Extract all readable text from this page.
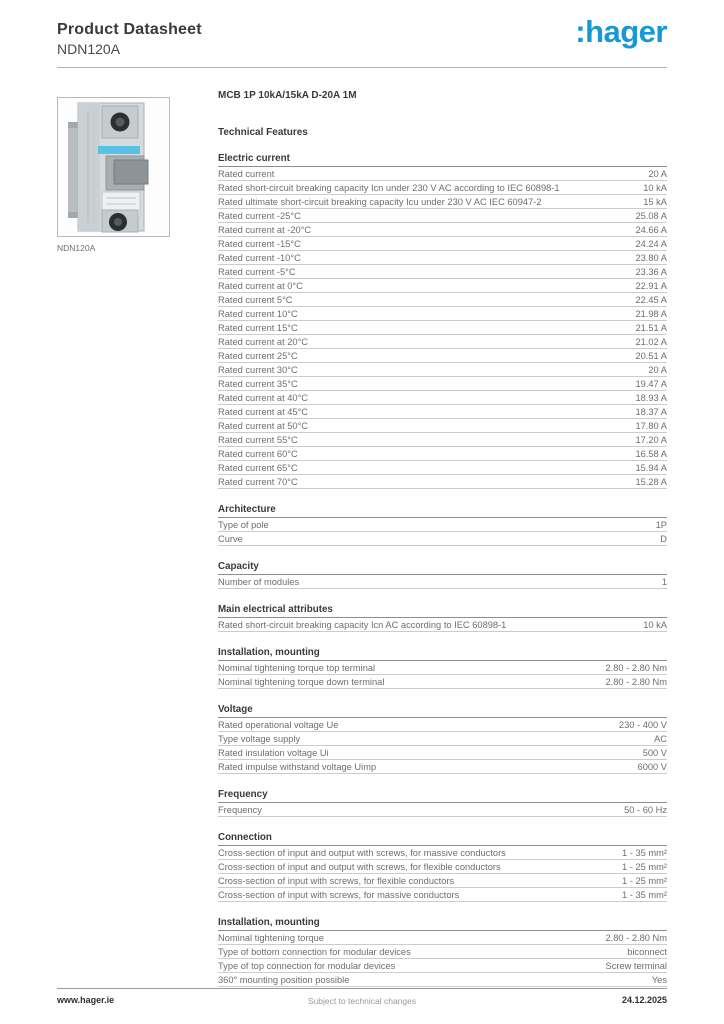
Product Datasheet
NDN120A	:hager
NDN120A
MCB 1P 10kA/15kA D-20A 1M
Technical Features
Electric current
Rated current	20 A
Rated short-circuit breaking capacity Icn under 230 V AC according to IEC 60898-1	10 kA
Rated ultimate short-circuit breaking capacity Icu under 230 V AC IEC 60947-2	15 kA
Rated current -25°C	25.08 A
Rated current at -20°C	24.66 A
Rated current -15°C	24.24 A
Rated current -10°C	23.80 A
Rated current -5°C	23.36 A
Rated current at 0°C	22.91 A
Rated current 5°C	22.45 A
Rated current 10°C	21.98 A
Rated current 15°C	21.51 A
Rated current at 20°C	21.02 A
Rated current 25°C	20.51 A
Rated current 30°C	20 A
Rated current 35°C	19.47 A
Rated current at 40°C	18.93 A
Rated current at 45°C	18.37 A
Rated current at 50°C	17.80 A
Rated current 55°C	17.20 A
Rated current 60°C	16.58 A
Rated current 65°C	15.94 A
Rated current 70°C	15.28 A
Architecture
Type of pole	1P
Curve	D
Capacity
Number of modules	1
Main electrical attributes
Rated short-circuit breaking capacity Icn AC according to IEC 60898-1	10 kA
Installation, mounting
Nominal tightening torque top terminal	2.80 - 2.80 Nm
Nominal tightening torque down terminal	2.80 - 2.80 Nm
Voltage
Rated operational voltage Ue	230 - 400 V
Type voltage supply	AC
Rated insulation voltage Ui	500 V
Rated impulse withstand voltage Uimp	6000 V
Frequency
Frequency	50 - 60 Hz
Connection
Cross-section of input and output with screws, for massive conductors	1 - 35 mm²
Cross-section of input and output with screws, for flexible conductors	1 - 25 mm²
Cross-section of input with screws, for flexible conductors	1 - 25 mm²
Cross-section of input with screws, for massive conductors	1 - 35 mm²
Installation, mounting
Nominal tightening torque	2.80 - 2.80 Nm
Type of bottom connection for modular devices	biconnect
Type of top connection for modular devices	Screw terminal
360° mounting position possible	Yes
www.hager.ie	Subject to technical changes	24.12.2025
